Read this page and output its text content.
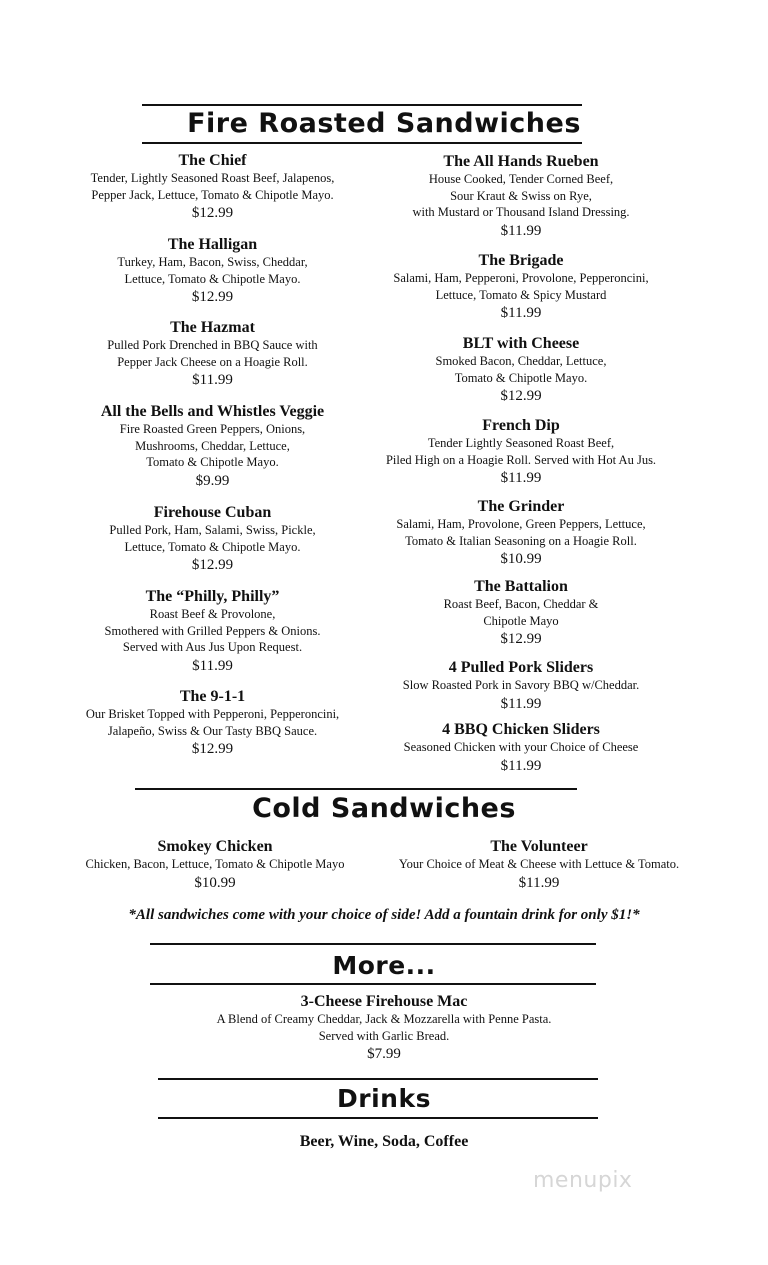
Fire Roasted Sandwiches
The Chief
Tender, Lightly Seasoned Roast Beef, Jalapenos,
Pepper Jack, Lettuce, Tomato & Chipotle Mayo.
$12.99
The Halligan
Turkey, Ham, Bacon, Swiss, Cheddar,
Lettuce, Tomato & Chipotle Mayo.
$12.99
The Hazmat
Pulled Pork Drenched in BBQ Sauce with
Pepper Jack Cheese on a Hoagie Roll.
$11.99
All the Bells and Whistles Veggie
Fire Roasted Green Peppers, Onions,
Mushrooms, Cheddar, Lettuce,
Tomato & Chipotle Mayo.
$9.99
Firehouse Cuban
Pulled Pork, Ham, Salami, Swiss, Pickle,
Lettuce, Tomato & Chipotle Mayo.
$12.99
The “Philly, Philly”
Roast Beef & Provolone,
Smothered with Grilled Peppers & Onions.
Served with Aus Jus Upon Request.
$11.99
The 9-1-1
Our Brisket Topped with Pepperoni, Pepperoncini,
Jalapeño, Swiss & Our Tasty BBQ Sauce.
$12.99
The All Hands Rueben
House Cooked, Tender Corned Beef,
Sour Kraut & Swiss on Rye,
with Mustard or Thousand Island Dressing.
$11.99
The Brigade
Salami, Ham, Pepperoni, Provolone, Pepperoncini,
Lettuce, Tomato & Spicy Mustard
$11.99
BLT with Cheese
Smoked Bacon, Cheddar, Lettuce,
Tomato & Chipotle Mayo.
$12.99
French Dip
Tender Lightly Seasoned Roast Beef,
Piled High on a Hoagie Roll. Served with Hot Au Jus.
$11.99
The Grinder
Salami, Ham, Provolone, Green Peppers, Lettuce,
Tomato & Italian Seasoning on a Hoagie Roll.
$10.99
The Battalion
Roast Beef, Bacon, Cheddar &
Chipotle Mayo
$12.99
4 Pulled Pork Sliders
Slow Roasted Pork in Savory BBQ w/Cheddar.
$11.99
4 BBQ Chicken Sliders
Seasoned Chicken with your Choice of Cheese
$11.99
Cold Sandwiches
Smokey Chicken
Chicken, Bacon, Lettuce, Tomato & Chipotle Mayo
$10.99
The Volunteer
Your Choice of Meat & Cheese with Lettuce & Tomato.
$11.99
*All sandwiches come with your choice of side! Add a fountain drink for only $1!*
More...
3-Cheese Firehouse Mac
A Blend of Creamy Cheddar, Jack & Mozzarella with Penne Pasta.
Served with Garlic Bread.
$7.99
Drinks
Beer, Wine, Soda, Coffee
menupix
